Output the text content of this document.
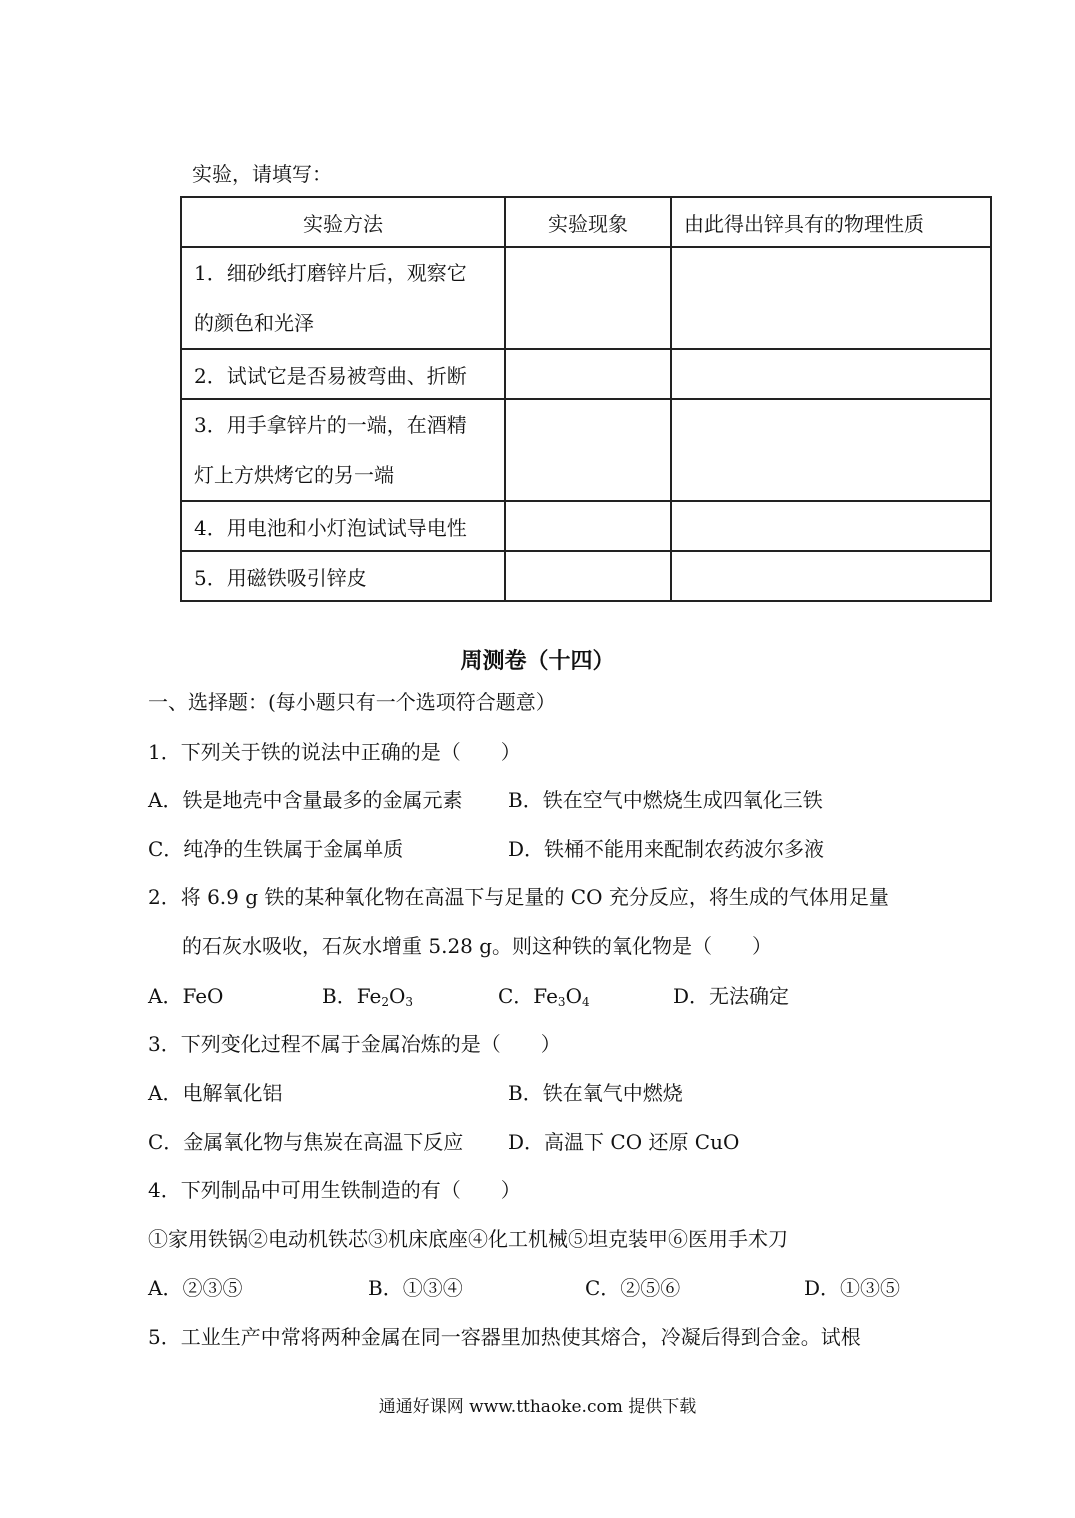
实验，请填写：
实验方法	实验现象	由此得出锌具有的物理性质
1．细砂纸打磨锌片后，观察它
的颜色和光泽		
2．试试它是否易被弯曲、折断		
3．用手拿锌片的一端，在酒精
灯上方烘烤它的另一端		
4．用电池和小灯泡试试导电性		
5．用磁铁吸引锌皮		
周测卷（十四）
一、选择题：(每小题只有一个选项符合题意）
1．下列关于铁的说法中正确的是（　　）
A．铁是地壳中含量最多的金属元素 B．铁在空气中燃烧生成四氧化三铁
C．纯净的生铁属于金属单质	D．铁桶不能用来配制农药波尔多液
2．将 6.9 g 铁的某种氧化物在高温下与足量的 CO 充分反应，将生成的气体用足量
的石灰水吸收，石灰水增重 5.28 g。则这种铁的氧化物是（　　）
A．FeO	B．$Fe_2O_3$	C．$Fe_3O_4$	D．无法确定
3．下列变化过程不属于金属冶炼的是（　　）
A．电解氧化铝	B．铁在氧气中燃烧
C．金属氧化物与焦炭在高温下反应 D．高温下 CO 还原 CuO
4．下列制品中可用生铁制造的有（　　）
①家用铁锅②电动机铁芯③机床底座④化工机械⑤坦克装甲⑥医用手术刀
A．②③⑤	B．①③④	C．②⑤⑥	D．①③⑤
5．工业生产中常将两种金属在同一容器里加热使其熔合，冷凝后得到合金。试根
通通好课网 www.tthaoke.com 提供下载
